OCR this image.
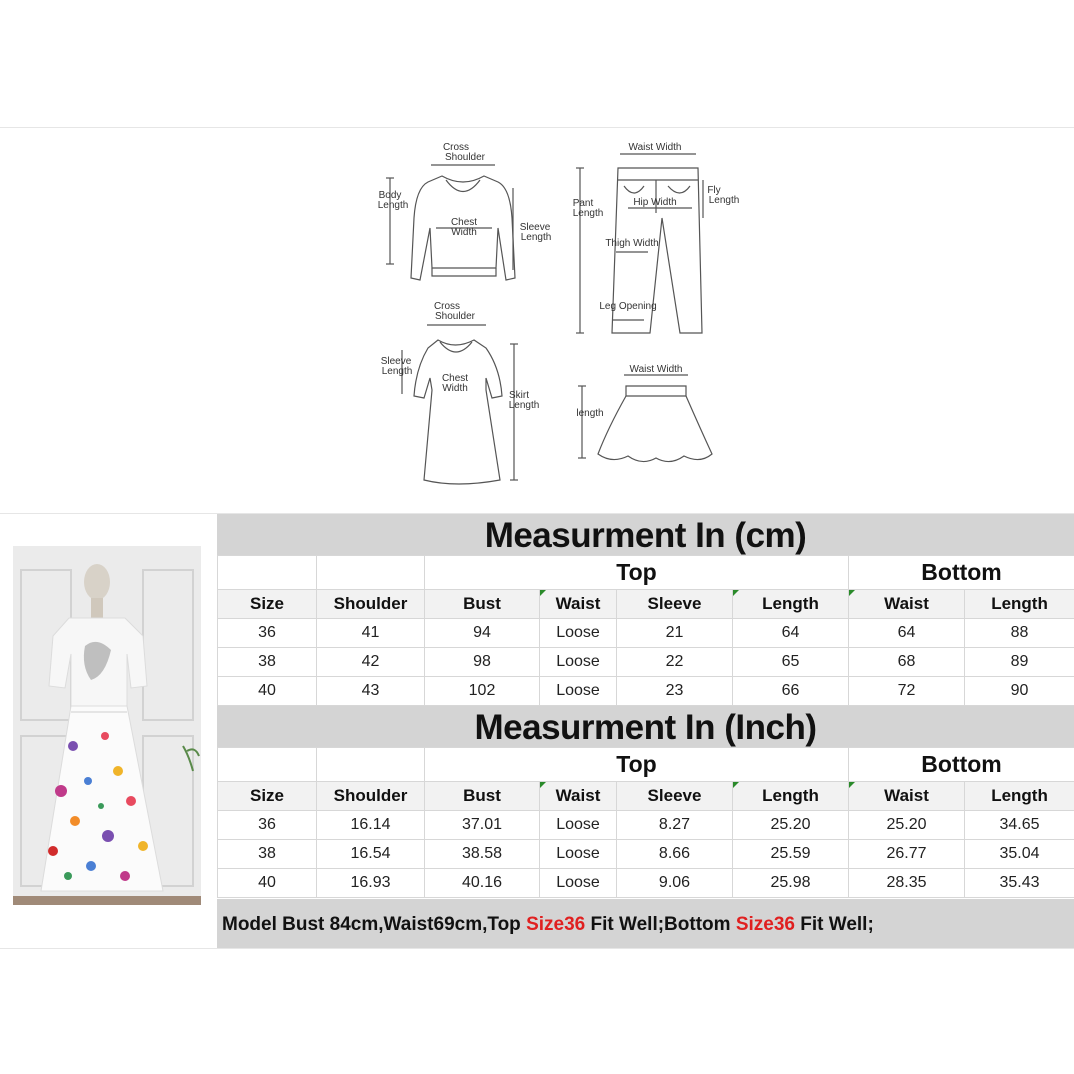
Cross
Shoulder
Body
Length
Chest
Width	Sleeve
Length
Waist Width
Pant
Length
Hip Width
Fly
Length
Thigh Width
Leg Opening
Cross
Shoulder
Sleeve
Length
Chest
Width
Skirt
Length
Waist Width
length
Measurment In (cm)
		Top				Bottom	
Size	Shoulder	Bust	Waist	Sleeve	Length	Waist	Length
36	41	94	Loose	21	64	64	88
38	42	98	Loose	22	65	68	89
40	43	102	Loose	23	66	72	90
Measurment In (Inch)
		Top				Bottom	
Size	Shoulder	Bust	Waist	Sleeve	Length	Waist	Length
36	16.14	37.01	Loose	8.27	25.20	25.20	34.65
38	16.54	38.58	Loose	8.66	25.59	26.77	35.04
40	16.93	40.16	Loose	9.06	25.98	28.35	35.43
Model Bust 84cm,Waist69cm,Top Size36 Fit Well;Bottom Size36 Fit Well;
